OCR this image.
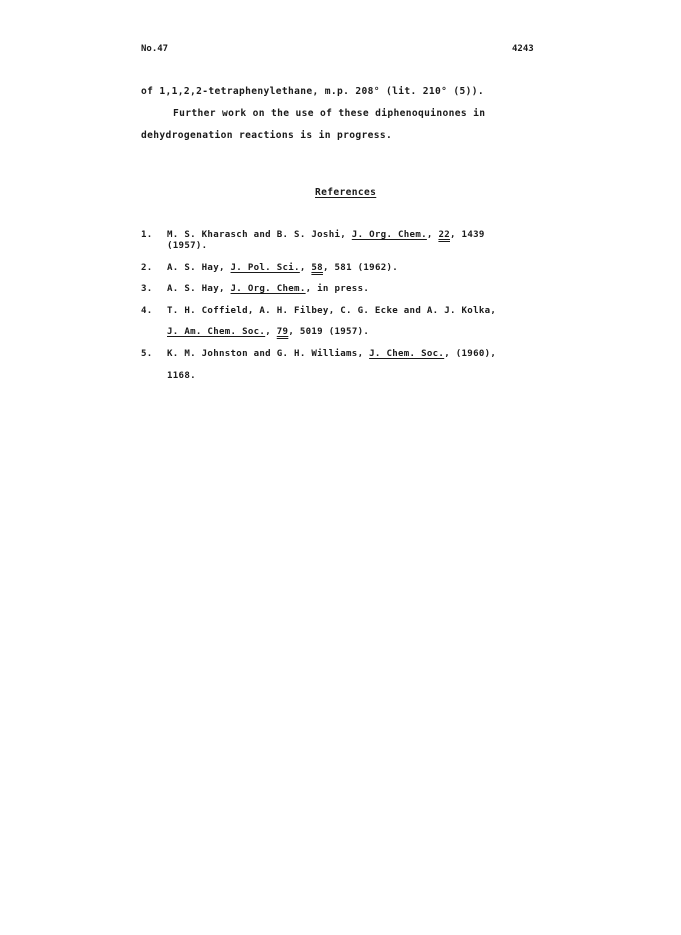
No.47	4243
of 1,1,2,2-tetraphenylethane, m.p. 208° (lit. 210° (5)).
Further work on the use of these diphenoquinones in
dehydrogenation reactions is in progress.
References
1. M. S. Kharasch and B. S. Joshi, J. Org. Chem., 22, 1439
(1957).
2. A. S. Hay, J. Pol. Sci., 58, 581 (1962).
3. A. S. Hay, J. Org. Chem., in press.
4. T. H. Coffield, A. H. Filbey, C. G. Ecke and A. J. Kolka,
J. Am. Chem. Soc., 79, 5019 (1957).
5. K. M. Johnston and G. H. Williams, J. Chem. Soc., (1960),
1168.
